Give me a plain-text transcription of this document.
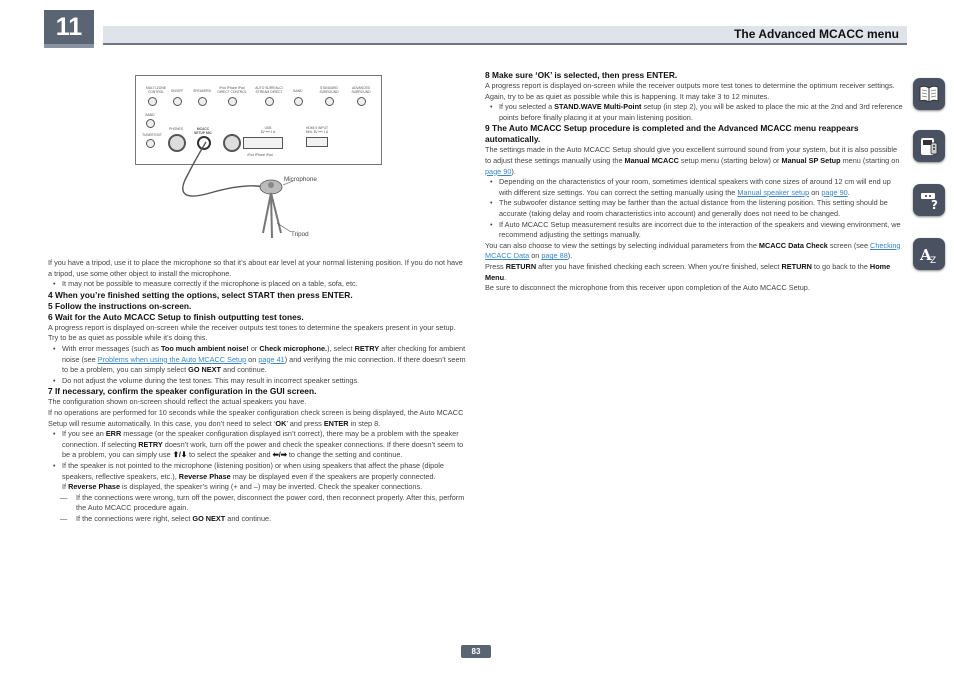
11	The Advanced MCACC menu
?
A
Z
MULTI-ZONE
CONTROL	ON/OFF	SPEAKERS
iPod iPhone iPad
DIRECT CONTROL
AUTO SURR/ALC/
STREAM DIRECT	BAND
STANDARD
SURROUND
ADVANCED
SURROUND
BAND
TUNER EDIT
PHONES	MCACC
SETUP MIC
USB
5V ━━ 1 A
iPod iPhone iPad
HDMI 5 INPUT
MHL 5V ━━ 1 A
Microphone
Tripod

If you have a tripod, use it to place the microphone so that it’s about ear level at your normal listening position. If you do not have a tripod, use some other object to install the microphone.

• It may not be possible to measure correctly if the microphone is placed on a table, sofa, etc.

4 When you’re finished setting the options, select START then press ENTER.

5 Follow the instructions on-screen.

6 Wait for the Auto MCACC Setup to finish outputting test tones.

A progress report is displayed on-screen while the receiver outputs test tones to determine the speakers present in your setup. Try to be as quiet as possible while it’s doing this.

• With error messages (such as Too much ambient noise! or Check microphone.), select RETRY after checking for ambient noise (see Problems when using the Auto MCACC Setup on page 41) and verifying the mic connection. If there doesn’t seem to be a problem, you can simply select GO NEXT and continue.

• Do not adjust the volume during the test tones. This may result in incorrect speaker settings.

7 If necessary, confirm the speaker configuration in the GUI screen.

The configuration shown on-screen should reflect the actual speakers you have.

If no operations are performed for 10 seconds while the speaker configuration check screen is being displayed, the Auto MCACC Setup will resume automatically. In this case, you don’t need to select ‘OK’ and press ENTER in step 8.

• If you see an ERR message (or the speaker configuration displayed isn’t correct), there may be a problem with the speaker connection. If selecting RETRY doesn’t work, turn off the power and check the speaker connections. If there doesn’t seem to be a problem, you can simply use ⬆/⬇ to select the speaker and ⬅/➡ to change the setting and continue.

• If the speaker is not pointed to the microphone (listening position) or when using speakers that affect the phase (dipole speakers, reflective speakers, etc.), Reverse Phase may be displayed even if the speakers are properly connected.

If Reverse Phase is displayed, the speaker’s wiring (+ and –) may be inverted. Check the speaker connections.

— If the connections were wrong, turn off the power, disconnect the power cord, then reconnect properly. After this, perform the Auto MCACC procedure again.

— If the connections were right, select GO NEXT and continue.

8 Make sure ‘OK’ is selected, then press ENTER.

A progress report is displayed on-screen while the receiver outputs more test tones to determine the optimum receiver settings.

Again, try to be as quiet as possible while this is happening. It may take 3 to 12 minutes.

• If you selected a STAND.WAVE Multi-Point setup (in step 2), you will be asked to place the mic at the 2nd and 3rd reference points before finally placing it at your main listening position.

9 The Auto MCACC Setup procedure is completed and the Advanced MCACC menu reappears automatically.

The settings made in the Auto MCACC Setup should give you excellent surround sound from your system, but it is also possible to adjust these settings manually using the Manual MCACC setup menu (starting below) or Manual SP Setup menu (starting on page 90).

• Depending on the characteristics of your room, sometimes identical speakers with cone sizes of around 12 cm will end up with different size settings. You can correct the setting manually using the Manual speaker setup on page 90.

• The subwoofer distance setting may be farther than the actual distance from the listening position. This setting should be accurate (taking delay and room characteristics into account) and generally does not need to be changed.

• If Auto MCACC Setup measurement results are incorrect due to the interaction of the speakers and viewing environment, we recommend adjusting the settings manually.

You can also choose to view the settings by selecting individual parameters from the MCACC Data Check screen (see Checking MCACC Data on page 88).

Press RETURN after you have finished checking each screen. When you’re finished, select RETURN to go back to the Home Menu.

Be sure to disconnect the microphone from this receiver upon completion of the Auto MCACC Setup.

83
